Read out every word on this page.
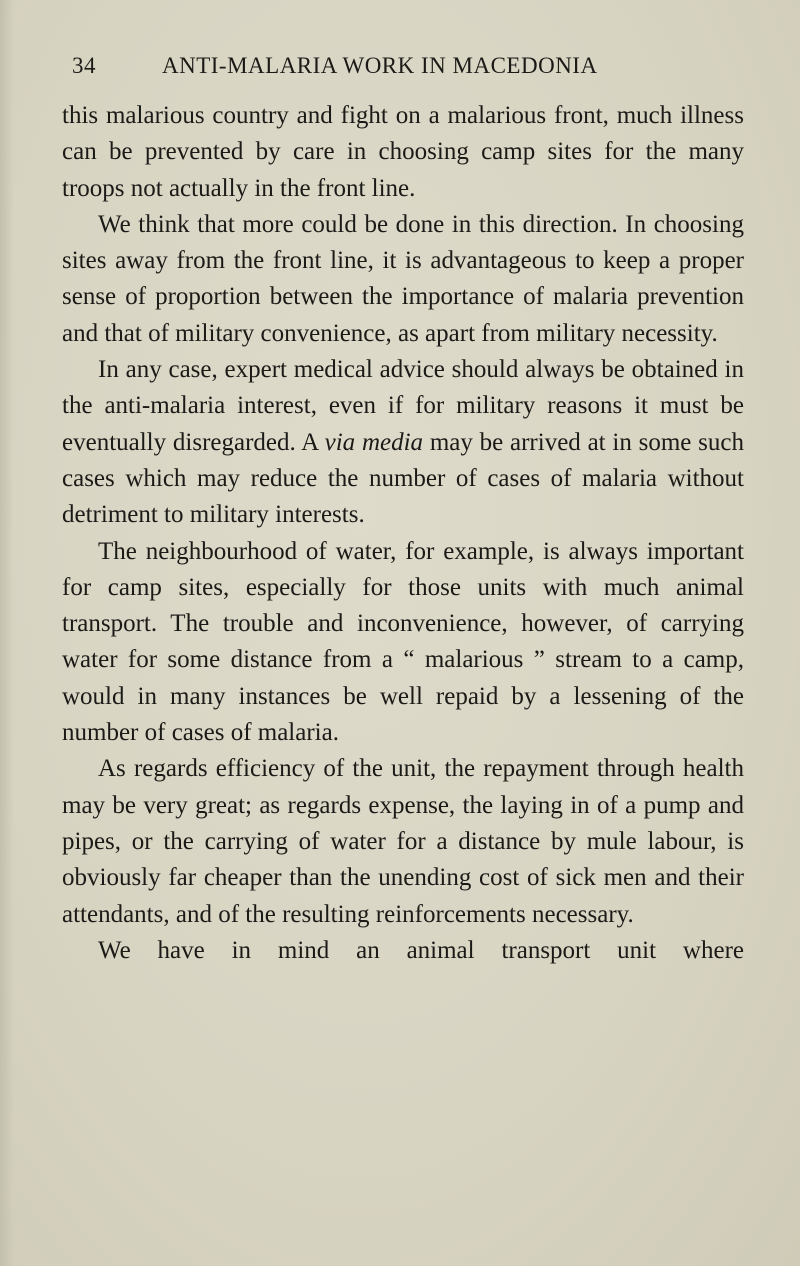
34	ANTI-MALARIA WORK IN MACEDONIA

this malarious country and fight on a malarious front, much illness can be prevented by care in choosing camp sites for the many troops not actually in the front line.

We think that more could be done in this direction. In choosing sites away from the front line, it is advantageous to keep a proper sense of proportion between the importance of malaria prevention and that of military convenience, as apart from military necessity.

In any case, expert medical advice should always be obtained in the anti-malaria interest, even if for military reasons it must be eventually disregarded. A via media may be arrived at in some such cases which may reduce the number of cases of malaria without detriment to military interests.

The neighbourhood of water, for example, is always important for camp sites, especially for those units with much animal transport. The trouble and inconvenience, however, of carrying water for some distance from a “ malarious ” stream to a camp, would in many instances be well repaid by a lessening of the number of cases of malaria.

As regards efficiency of the unit, the repayment through health may be very great; as regards expense, the laying in of a pump and pipes, or the carrying of water for a distance by mule labour, is obviously far cheaper than the unending cost of sick men and their attendants, and of the resulting reinforcements necessary.

We have in mind an animal transport unit where
